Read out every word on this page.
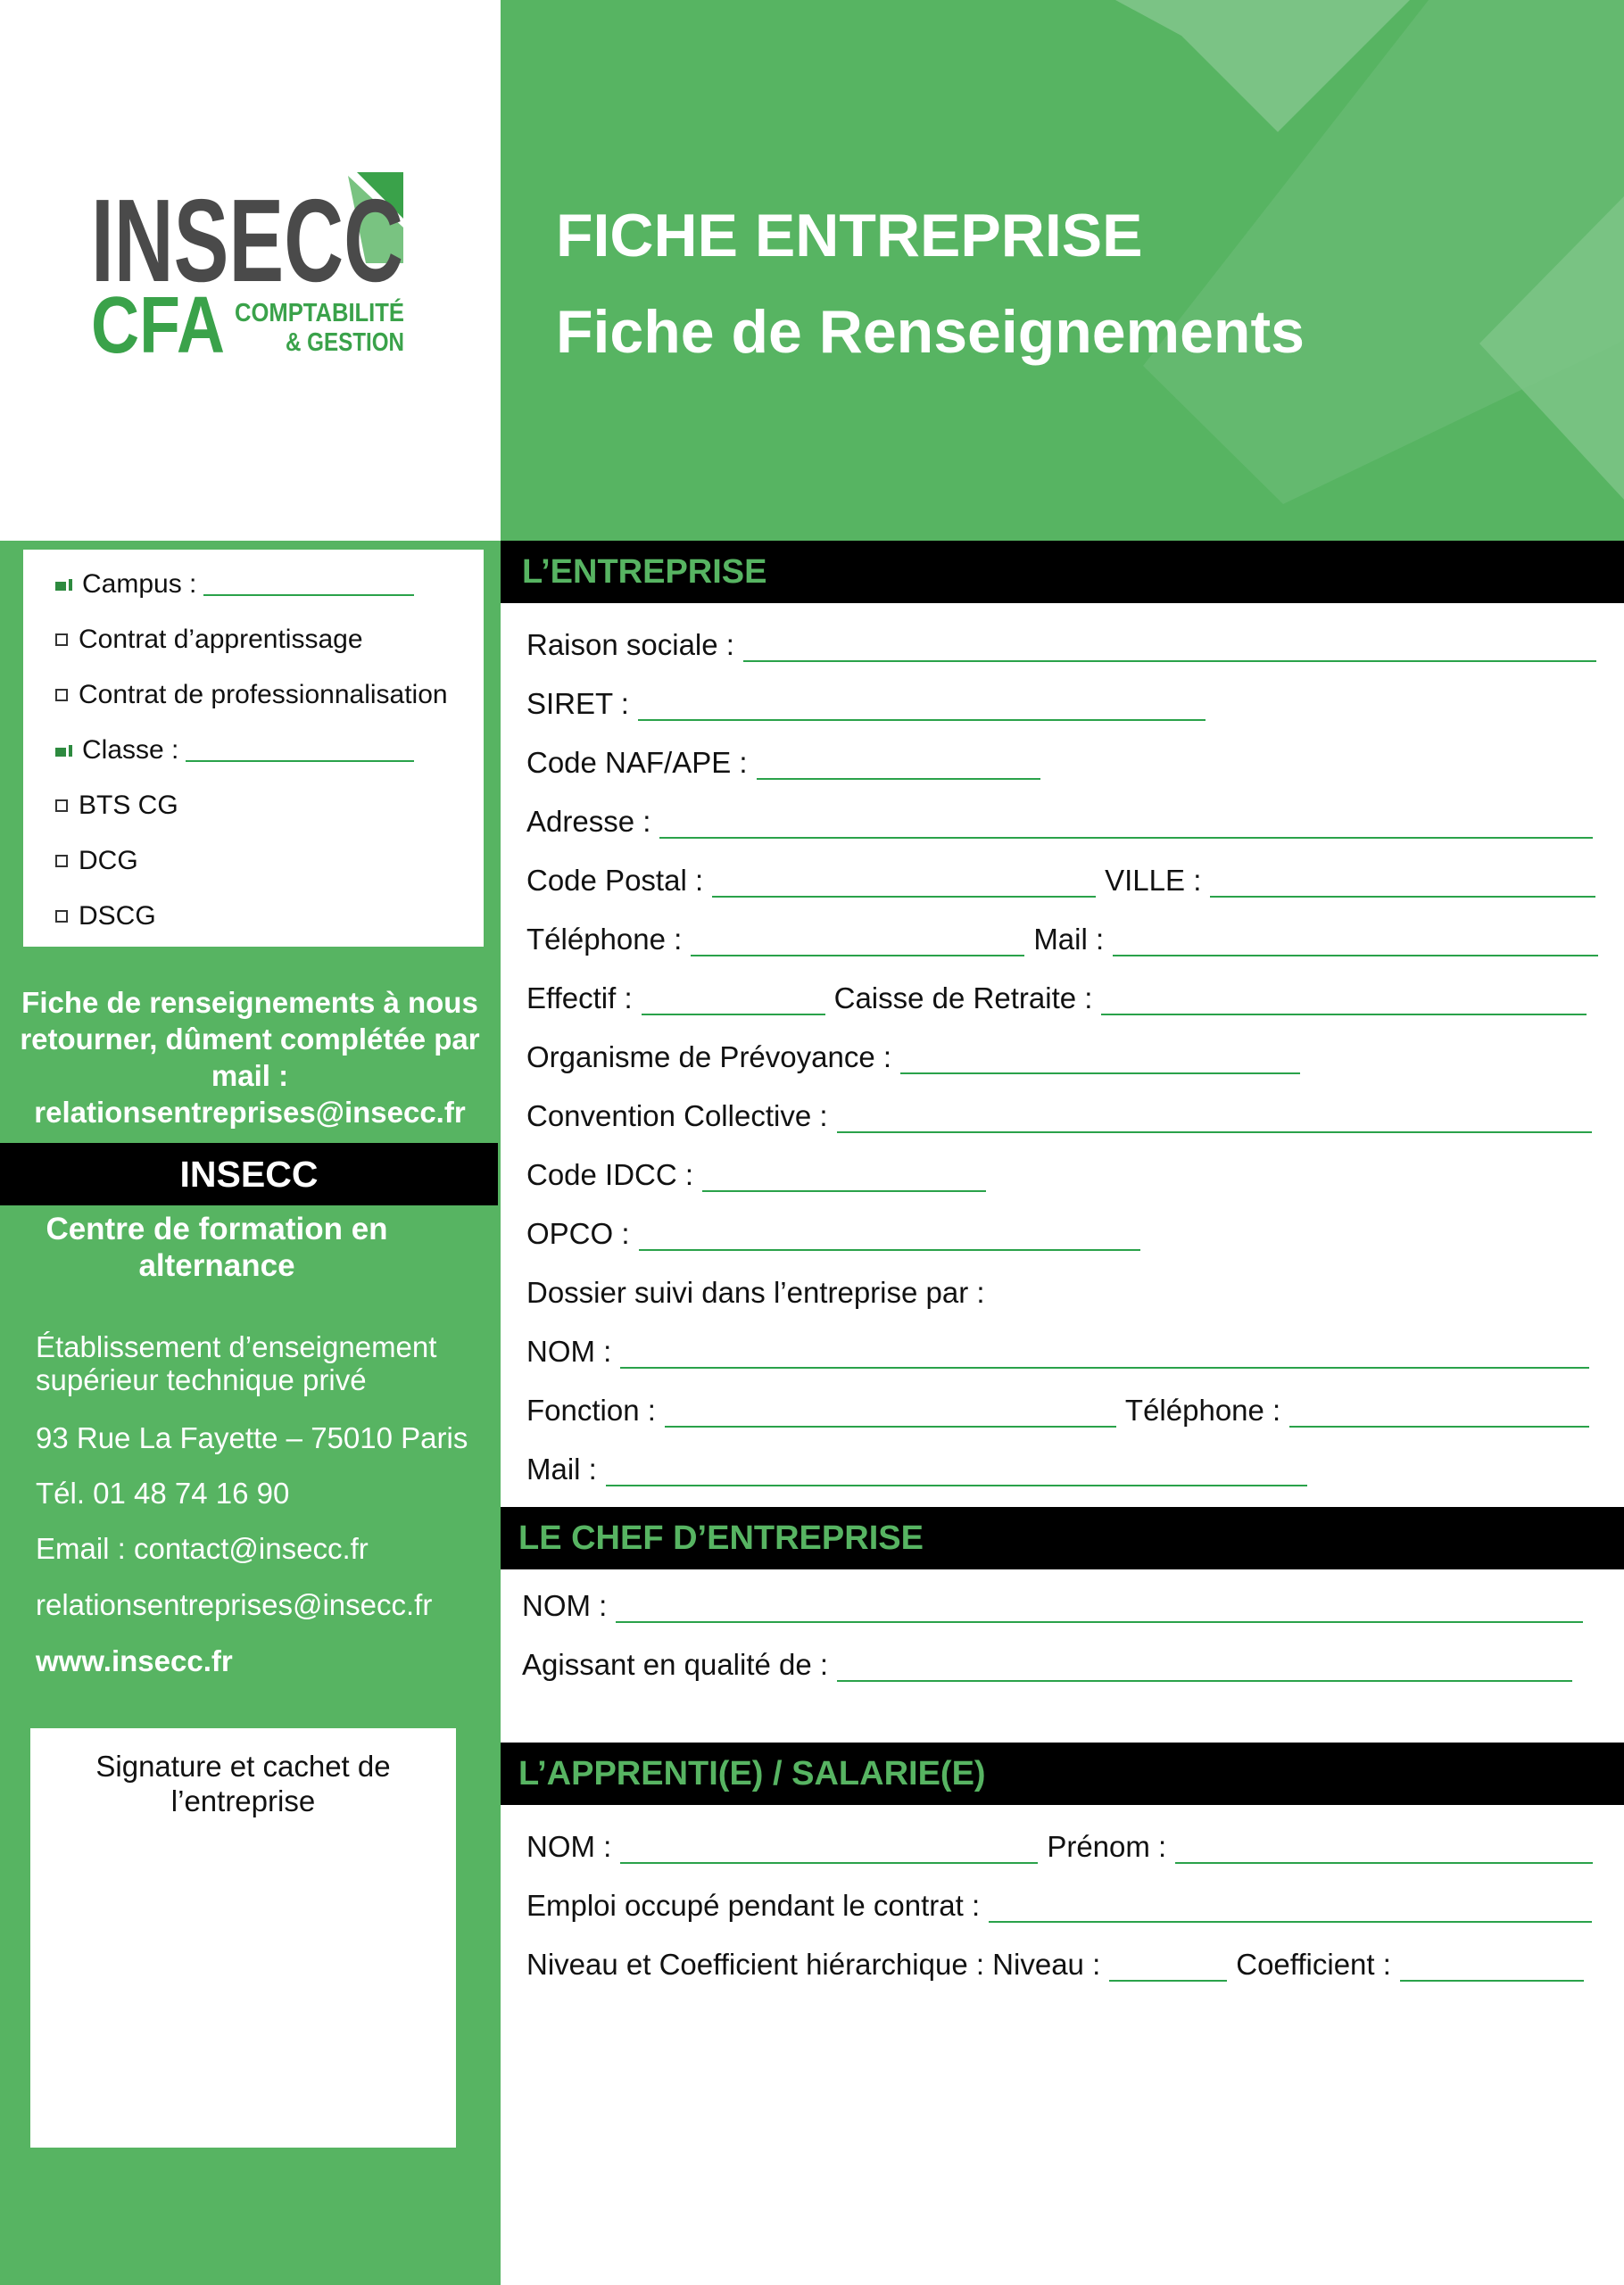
FICHE ENTREPRISE
Fiche de Renseignements
INSECC
CFA COMPTABILITÉ
& GESTION
Campus :
Contrat d’apprentissage
Contrat de professionnalisation
Classe :
BTS CG
DCG
DSCG
Fiche de renseignements à nous retourner, dûment complétée par mail : relationsentreprises@insecc.fr
INSECC
Centre de formation en alternance
Établissement d’enseignement supérieur technique privé
93 Rue La Fayette – 75010 Paris
Tél. 01 48 74 16 90
Email : contact@insecc.fr
relationsentreprises@insecc.fr
www.insecc.fr
Signature et cachet de l’entreprise
L’ENTREPRISE
Raison sociale :
SIRET :
Code NAF/APE :
Adresse :
Code Postal :	VILLE :
Téléphone :	Mail :
Effectif :	Caisse de Retraite :
Organisme de Prévoyance :
Convention Collective :
Code IDCC :
OPCO :
Dossier suivi dans l’entreprise par :
NOM :
Fonction :	Téléphone :
Mail :
LE CHEF D’ENTREPRISE
NOM :
Agissant en qualité de :
L’APPRENTI(E) / SALARIE(E)
NOM :	Prénom :
Emploi occupé pendant le contrat :
Niveau et Coefficient hiérarchique : Niveau :	Coefficient :
